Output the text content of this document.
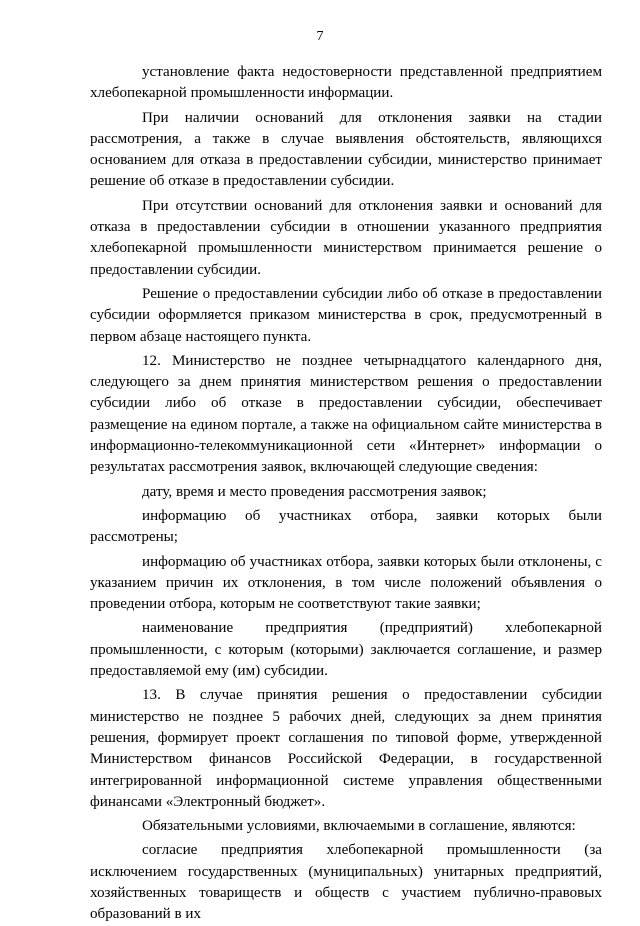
7

установление факта недостоверности представленной предприятием хлебопекарной промышленности информации.

При наличии оснований для отклонения заявки на стадии рассмотрения, а также в случае выявления обстоятельств, являющихся основанием для отказа в предоставлении субсидии, министерство принимает решение об отказе в предоставлении субсидии.

При отсутствии оснований для отклонения заявки и оснований для отказа в предоставлении субсидии в отношении указанного предприятия хлебопекарной промышленности министерством принимается решение о предоставлении субсидии.

Решение о предоставлении субсидии либо об отказе в предоставлении субсидии оформляется приказом министерства в срок, предусмотренный в первом абзаце настоящего пункта.

12. Министерство не позднее четырнадцатого календарного дня, следующего за днем принятия министерством решения о предоставлении субсидии либо об отказе в предоставлении субсидии, обеспечивает размещение на едином портале, а также на официальном сайте министерства в информационно-телекоммуникационной сети «Интернет» информации о результатах рассмотрения заявок, включающей следующие сведения:

дату, время и место проведения рассмотрения заявок;

информацию об участниках отбора, заявки которых были рассмотрены;

информацию об участниках отбора, заявки которых были отклонены, с указанием причин их отклонения, в том числе положений объявления о проведении отбора, которым не соответствуют такие заявки;

наименование предприятия (предприятий) хлебопекарной промышленности, с которым (которыми) заключается соглашение, и размер предоставляемой ему (им) субсидии.

13. В случае принятия решения о предоставлении субсидии министерство не позднее 5 рабочих дней, следующих за днем принятия решения, формирует проект соглашения по типовой форме, утвержденной Министерством финансов Российской Федерации, в государственной интегрированной информационной системе управления общественными финансами «Электронный бюджет».

Обязательными условиями, включаемыми в соглашение, являются:

согласие предприятия хлебопекарной промышленности (за исключением государственных (муниципальных) унитарных предприятий, хозяйственных товариществ и обществ с участием публично-правовых образований в их
